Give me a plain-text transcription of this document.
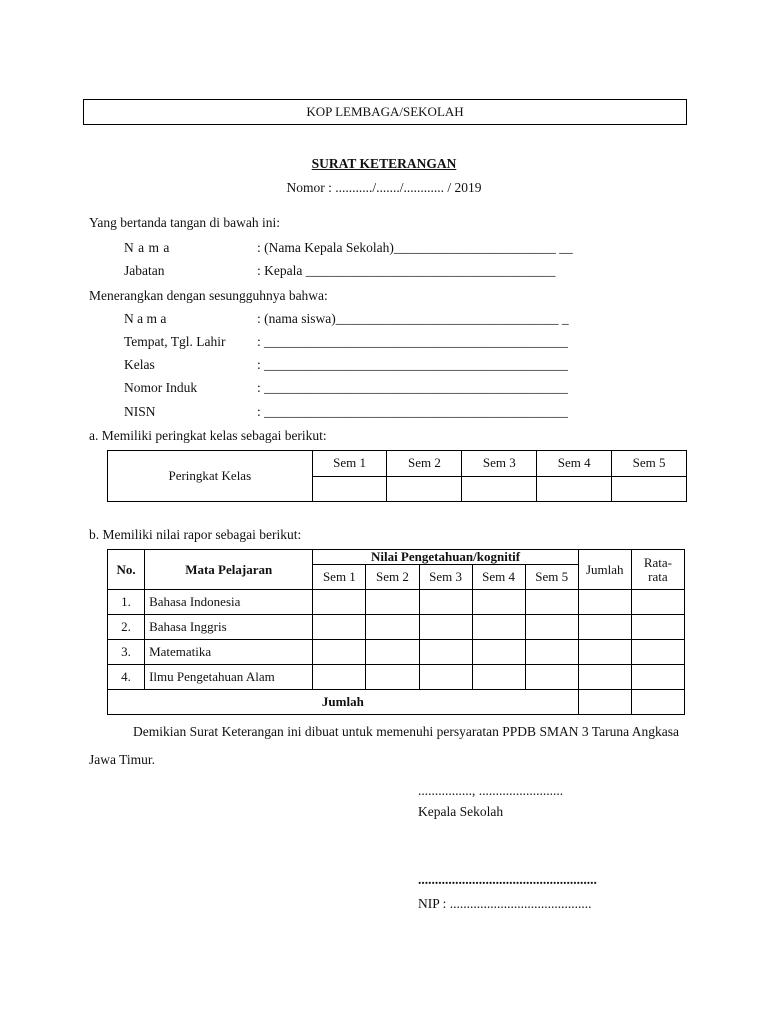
KOP LEMBAGA/SEKOLAH
SURAT KETERANGAN
Nomor : .........../......./............ / 2019
Yang bertanda tangan di bawah ini:
N a m a	: (Nama Kepala Sekolah)________________________ __
Jabatan	: Kepala _____________________________________
Menerangkan dengan sesungguhnya bahwa:
N a m a	: (nama siswa)_________________________________ _
Tempat, Tgl. Lahir : _____________________________________________
Kelas	: _____________________________________________
Nomor Induk	: _____________________________________________
NISN	: _____________________________________________
a. Memiliki peringkat kelas sebagai berikut:
Peringkat Kelas	Sem 1	Sem 2	Sem 3	Sem 4	Sem 5

b. Memiliki nilai rapor sebagai berikut:
No.	Mata Pelajaran	Nilai Pengetahuan/kognitif					Jumlah	Rata-
rata
		Sem 1	Sem 2	Sem 3	Sem 4	Sem 5		
1.	Bahasa Indonesia							
2.	Bahasa Inggris							
3.	Matematika							
4.	Ilmu Pengetahuan Alam							
Jumlah								
Demikian Surat Keterangan ini dibuat untuk memenuhi persyaratan PPDB SMAN 3 Taruna Angkasa Jawa Timur.
................, .........................
Kepala Sekolah
.....................................................
NIP : ..........................................
